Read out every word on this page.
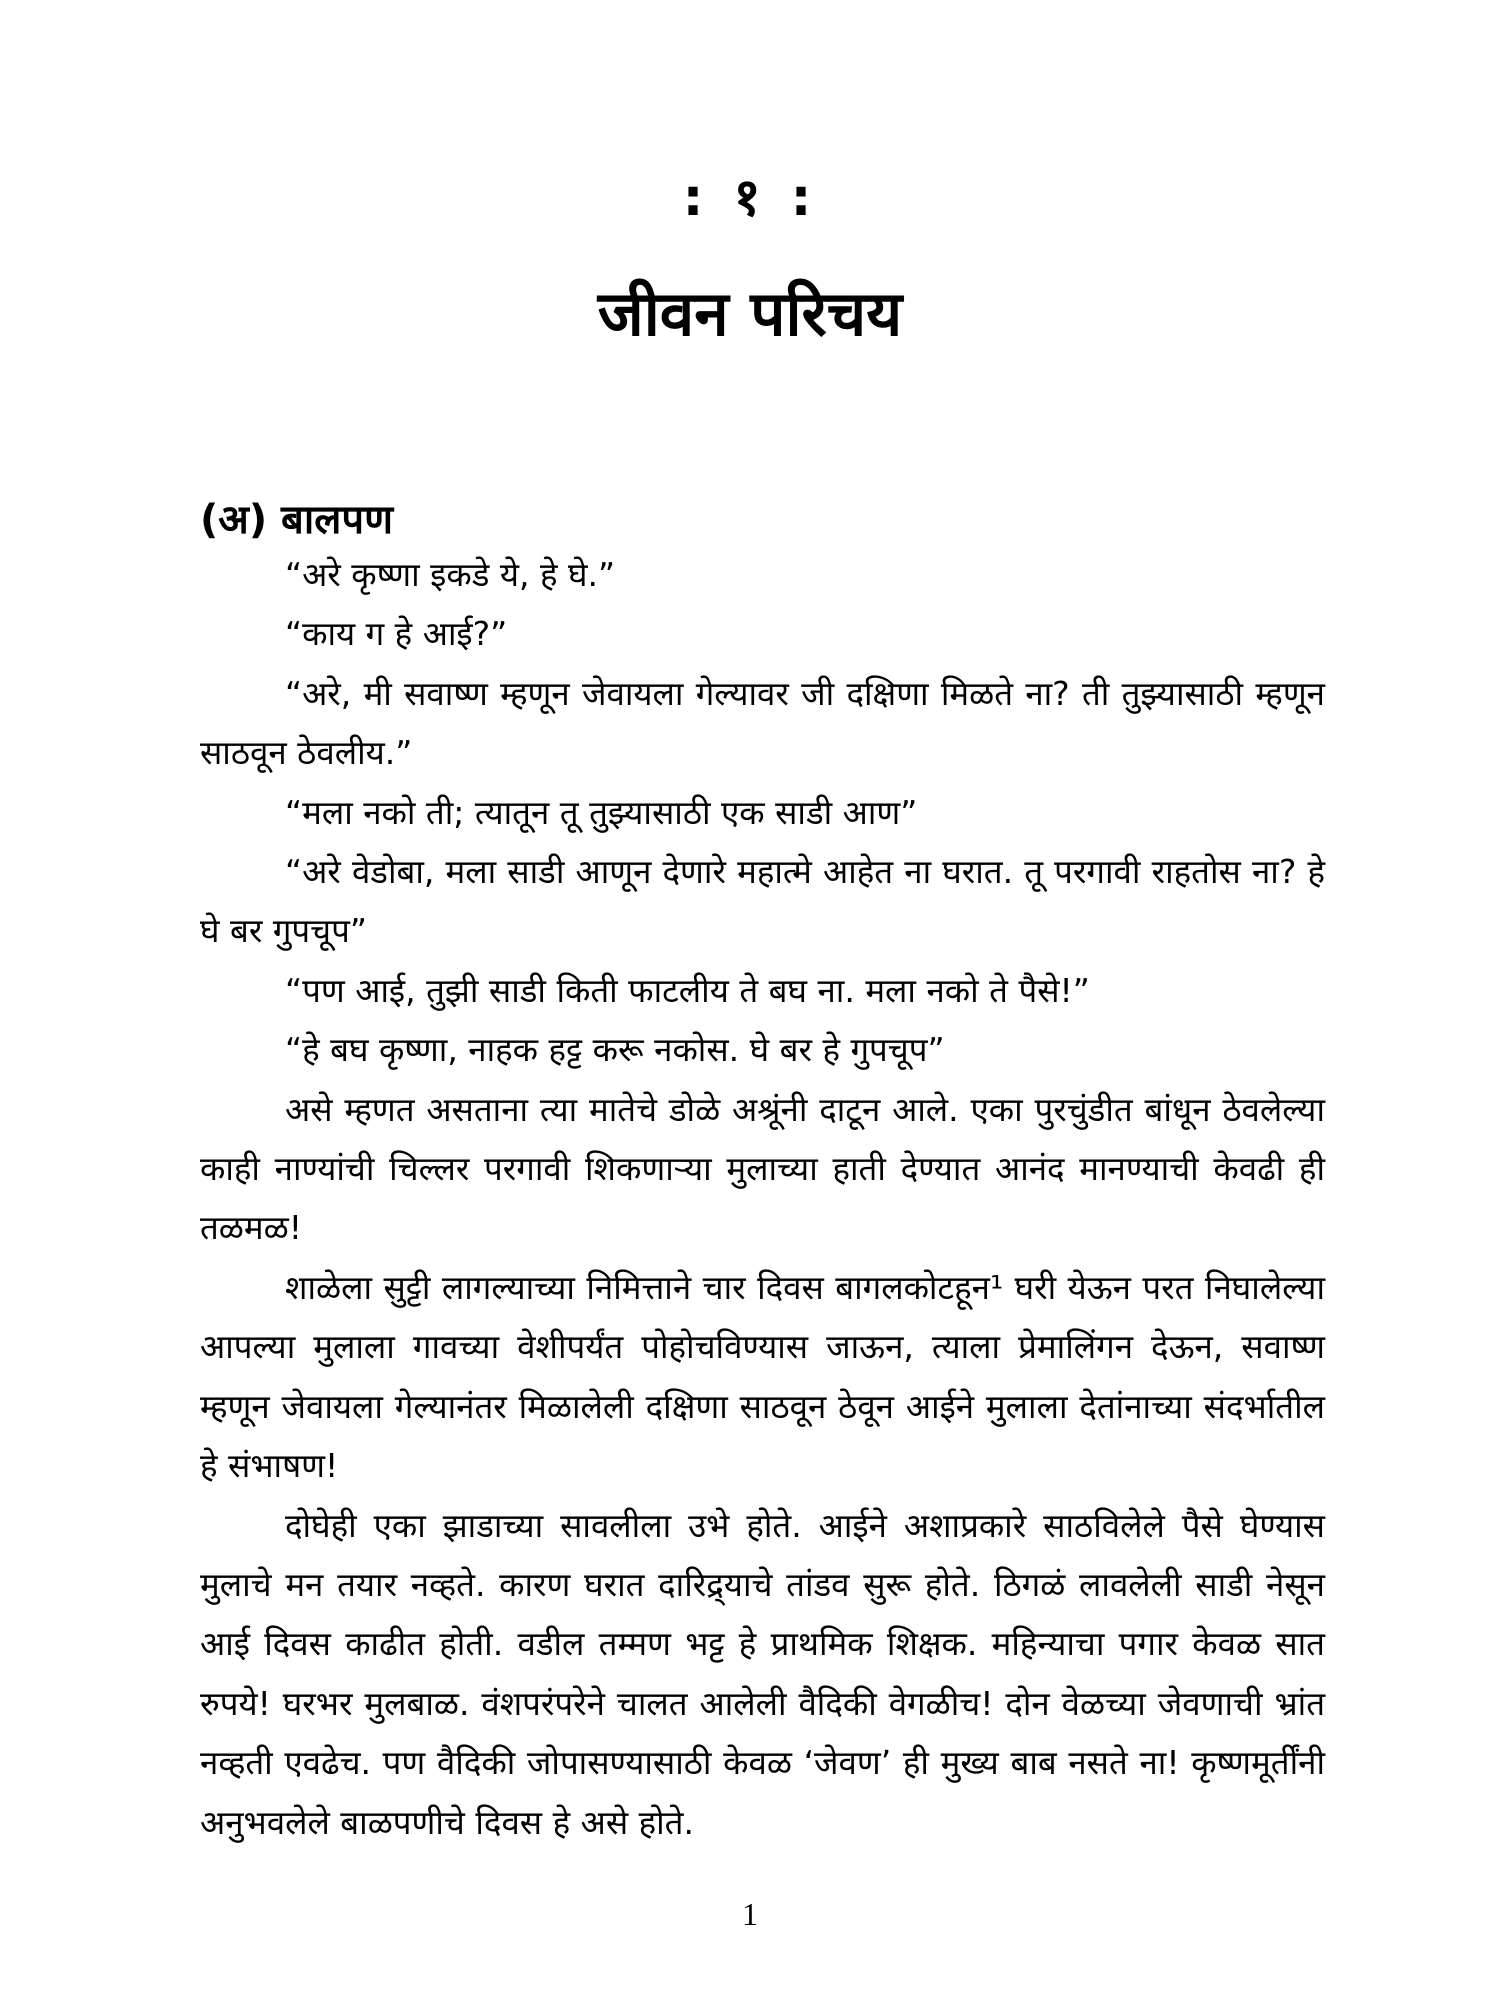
: १ :
जीवन परिचय
(अ) बालपण

“अरे कृष्णा इकडे ये, हे घे.”

“काय ग हे आई?”

“अरे, मी सवाष्ण म्हणून जेवायला गेल्यावर जी दक्षिणा मिळते ना? ती तुझ्यासाठी म्हणून साठवून ठेवलीय.”

“मला नको ती; त्यातून तू तुझ्यासाठी एक साडी आण”

“अरे वेडोबा, मला साडी आणून देणारे महात्मे आहेत ना घरात. तू परगावी राहतोस ना? हे घे बर गुपचूप”

“पण आई, तुझी साडी किती फाटलीय ते बघ ना. मला नको ते पैसे!”

“हे बघ कृष्णा, नाहक हट्ट करू नकोस. घे बर हे गुपचूप”

असे म्हणत असताना त्या मातेचे डोळे अश्रूंनी दाटून आले. एका पुरचुंडीत बांधून ठेवलेल्या काही नाण्यांची चिल्लर परगावी शिकणाऱ्या मुलाच्या हाती देण्यात आनंद मानण्याची केवढी ही तळमळ!

शाळेला सुट्टी लागल्याच्या निमित्ताने चार दिवस बागलकोटहून¹ घरी येऊन परत निघालेल्या आपल्या मुलाला गावच्या वेशीपर्यंत पोहोचविण्यास जाऊन, त्याला प्रेमालिंगन देऊन, सवाष्ण म्हणून जेवायला गेल्यानंतर मिळालेली दक्षिणा साठवून ठेवून आईने मुलाला देतांनाच्या संदर्भातील हे संभाषण!

दोघेही एका झाडाच्या सावलीला उभे होते. आईने अशाप्रकारे साठविलेले पैसे घेण्यास मुलाचे मन तयार नव्हते. कारण घरात दारिद्र्याचे तांडव सुरू होते. ठिगळं लावलेली साडी नेसून आई दिवस काढीत होती. वडील तम्मण भट्ट हे प्राथमिक शिक्षक. महिन्याचा पगार केवळ सात रुपये! घरभर मुलबाळ. वंशपरंपरेने चालत आलेली वैदिकी वेगळीच! दोन वेळच्या जेवणाची भ्रांत नव्हती एवढेच. पण वैदिकी जोपासण्यासाठी केवळ ‘जेवण’ ही मुख्य बाब नसते ना! कृष्णमूर्तींनी अनुभवलेले बाळपणीचे दिवस हे असे होते.

1
